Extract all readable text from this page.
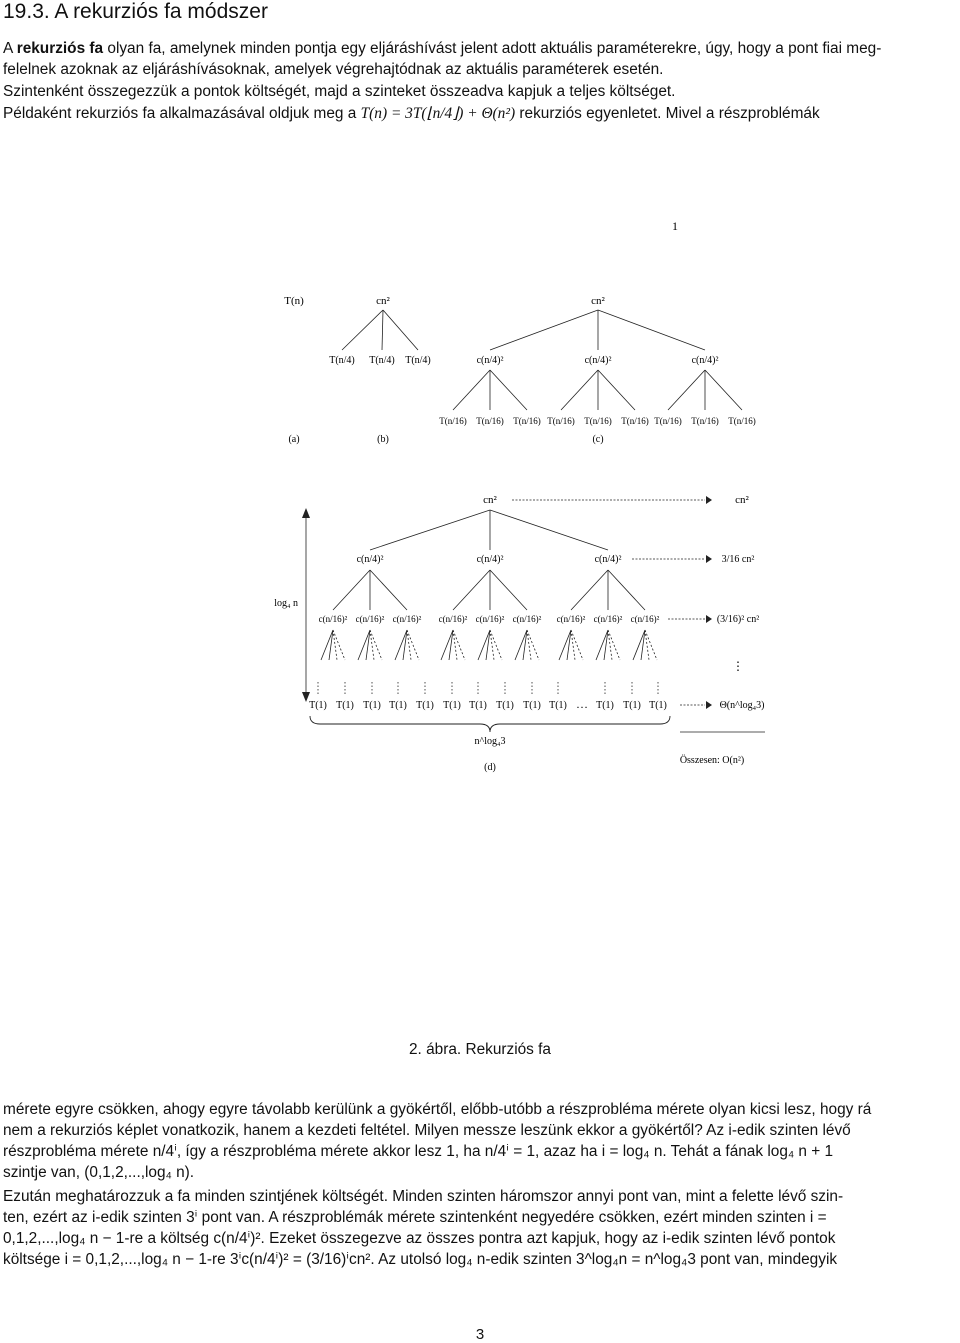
19.3. A rekurziós fa módszer
A rekurziós fa olyan fa, amelynek minden pontja egy eljáráshívást jelent adott aktuális paraméterekre, úgy, hogy a pont fiai meg-
felelnek azoknak az eljáráshívásoknak, amelyek végrehajtódnak az aktuális paraméterek esetén.
Szintenként összegezzük a pontok költségét, majd a szinteket összeadva kapjuk a teljes költséget.
Példaként rekurziós fa alkalmazásával oldjuk meg a T(n) = 3T(⌊n/4⌋) + Θ(n²) rekurziós egyenletet. Mivel a részproblémák
1
T(n)
(a)
cn²
T(n/4) T(n/4) T(n/4)
(b)
cn²
c(n/4)²	c(n/4)²	c(n/4)²
T(n/16) T(n/16) T(n/16) T(n/16) T(n/16) T(n/16) T(n/16) T(n/16) T(n/16)
(c)
cn²	cn²
c(n/4)²	c(n/4)²	c(n/4)²	3/16 cn²
c(n/16)² c(n/16)² c(n/16)² c(n/16)² c(n/16)² c(n/16)² c(n/16)² c(n/16)² c(n/16)²	(3/16)² cn²
⋮
T(1) T(1) T(1) T(1) T(1) T(1) T(1) T(1) T(1) T(1)	T(1) T(1) T(1)
…	Θ(n^log₄3)
log₄ n
n^log₄3
(d)
Összesen: O(n²)
2. ábra. Rekurziós fa
mérete egyre csökken, ahogy egyre távolabb kerülünk a gyökértől, előbb-utóbb a részprobléma mérete olyan kicsi lesz, hogy rá
nem a rekurziós képlet vonatkozik, hanem a kezdeti feltétel. Milyen messze leszünk ekkor a gyökértől? Az i-edik szinten lévő
részprobléma mérete n/4ⁱ, így a részprobléma mérete akkor lesz 1, ha n/4ⁱ = 1, azaz ha i = log₄ n. Tehát a fának log₄ n + 1
szintje van, (0,1,2,...,log₄ n).
Ezután meghatározzuk a fa minden szintjének költségét. Minden szinten háromszor annyi pont van, mint a felette lévő szin-
ten, ezért az i-edik szinten 3ⁱ pont van. A részproblémák mérete szintenként negyedére csökken, ezért minden szinten i =
0,1,2,...,log₄ n − 1-re a költség c(n/4ⁱ)². Ezeket összegezve az összes pontra azt kapjuk, hogy az i-edik szinten lévő pontok
költsége i = 0,1,2,...,log₄ n − 1-re 3ⁱc(n/4ⁱ)² = (3/16)ⁱcn². Az utolsó log₄ n-edik szinten 3^log₄n = n^log₄3 pont van, mindegyik
3
